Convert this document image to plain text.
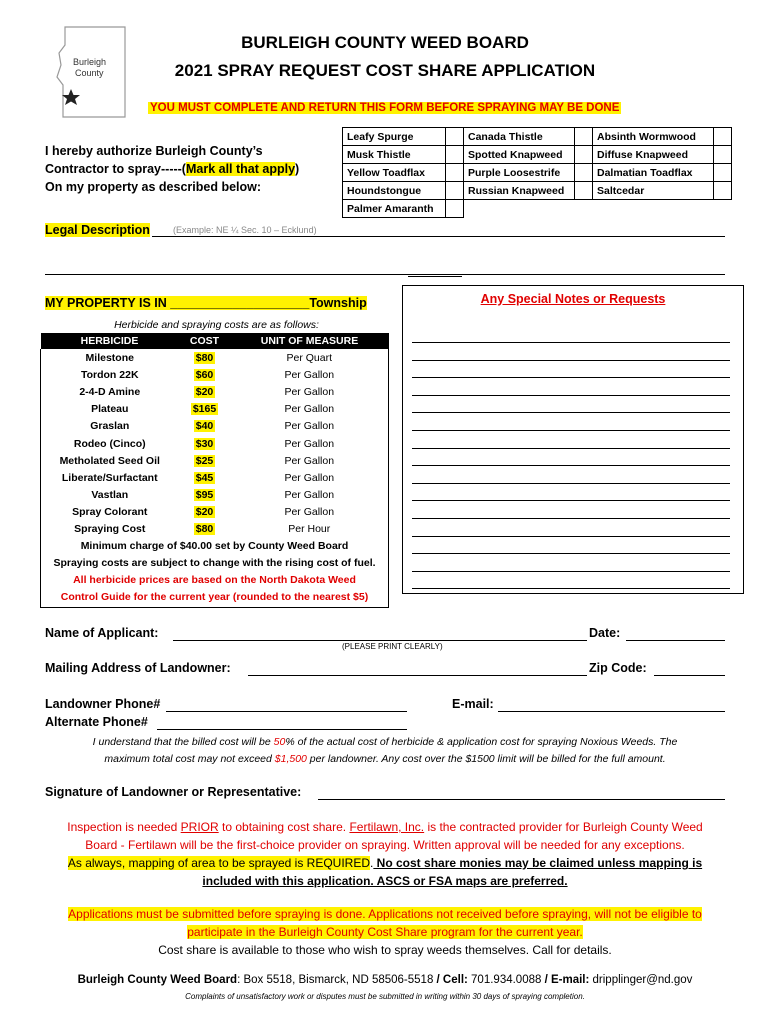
Burleigh
County
BURLEIGH COUNTY WEED BOARD
2021 SPRAY REQUEST COST SHARE APPLICATION
YOU MUST COMPLETE AND RETURN THIS FORM BEFORE SPRAYING MAY BE DONE
I hereby authorize Burleigh County’s
Contractor to spray-----(Mark all that apply)
On my property as described below:
Leafy Spurge		Canada Thistle		Absinth Wormwood	
Musk Thistle		Spotted Knapweed		Diffuse Knapweed	
Yellow Toadflax		Purple Loosestrife		Dalmatian Toadflax	
Houndstongue		Russian Knapweed		Saltcedar	
Palmer Amaranth					
Legal Description	(Example: NE ¼ Sec. 10 – Ecklund)
MY PROPERTY IS IN ____________________Township
Herbicide and spraying costs are as follows:
HERBICIDE	COST	UNIT OF MEASURE
Milestone	$80	Per Quart
Tordon 22K	$60	Per Gallon
2-4-D Amine	$20	Per Gallon
Plateau	$165	Per Gallon
Graslan	$40	Per Gallon
Rodeo (Cinco)	$30	Per Gallon
Metholated Seed Oil	$25	Per Gallon
Liberate/Surfactant	$45	Per Gallon
Vastlan	$95	Per Gallon
Spray Colorant	$20	Per Gallon
Spraying Cost	$80	Per Hour
Minimum charge of $40.00 set by County Weed Board
Spraying costs are subject to change with the rising cost of fuel.
All herbicide prices are based on the North Dakota Weed
Control Guide for the current year (rounded to the nearest $5)
Any Special Notes or Requests
Name of Applicant:	Date:
(PLEASE PRINT CLEARLY)
Mailing Address of Landowner:	Zip Code:
Landowner Phone#	E-mail:
Alternate Phone#
I understand that the billed cost will be 50% of the actual cost of herbicide & application cost for spraying Noxious Weeds. The
maximum total cost may not exceed $1,500 per landowner. Any cost over the $1500 limit will be billed for the full amount.
Signature of Landowner or Representative:
Inspection is needed PRIOR to obtaining cost share. Fertilawn, Inc. is the contracted provider for Burleigh County Weed
Board - Fertilawn will be the first-choice provider on spraying. Written approval will be needed for any exceptions.
As always, mapping of area to be sprayed is REQUIRED. No cost share monies may be claimed unless mapping is
included with this application. ASCS or FSA maps are preferred.
Applications must be submitted before spraying is done. Applications not received before spraying, will not be eligible to
participate in the Burleigh County Cost Share program for the current year.
Cost share is available to those who wish to spray weeds themselves. Call for details.
Burleigh County Weed Board: Box 5518, Bismarck, ND 58506-5518 / Cell: 701.934.0088 / E-mail: dripplinger@nd.gov
Complaints of unsatisfactory work or disputes must be submitted in writing within 30 days of spraying completion.
